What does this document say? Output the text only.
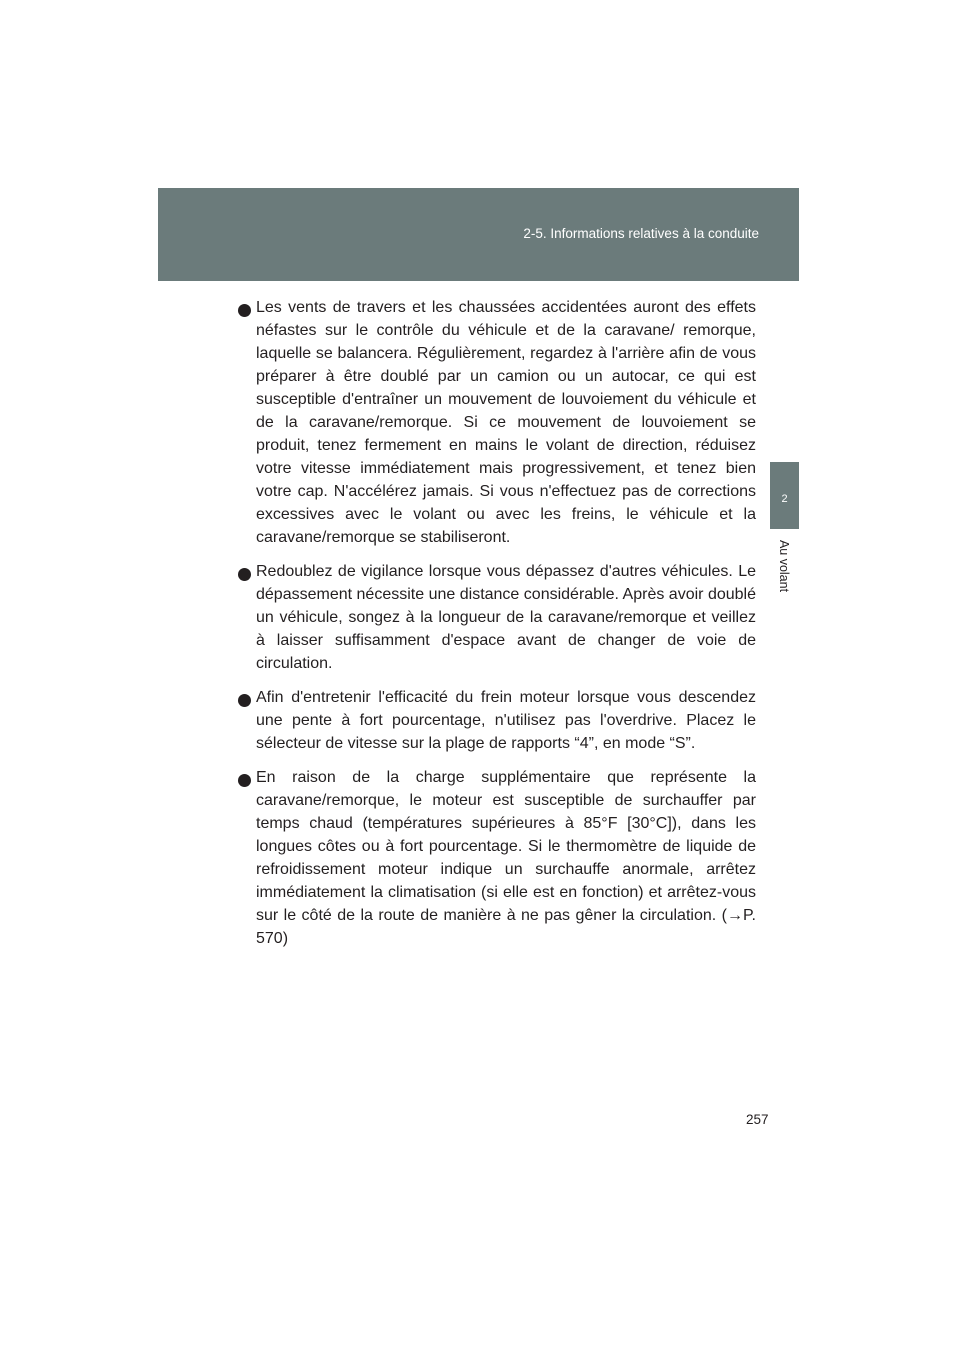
2-5. Informations relatives à la conduite
2
Au volant

Les vents de travers et les chaussées accidentées auront des effets néfastes sur le contrôle du véhicule et de la caravane/ remorque, laquelle se balancera. Régulièrement, regardez à l'arrière afin de vous préparer à être doublé par un camion ou un autocar, ce qui est susceptible d'entraîner un mouvement de louvoiement du véhicule et de la caravane/remorque. Si ce mouvement de louvoiement se produit, tenez fermement en mains le volant de direction, réduisez votre vitesse immédiatement mais progressivement, et tenez bien votre cap. N'accélérez jamais. Si vous n'effectuez pas de corrections excessives avec le volant ou avec les freins, le véhicule et la caravane/remorque se stabiliseront.

Redoublez de vigilance lorsque vous dépassez d'autres véhicules. Le dépassement nécessite une distance considérable. Après avoir doublé un véhicule, songez à la longueur de la caravane/remorque et veillez à laisser suffisamment d'espace avant de changer de voie de circulation.

Afin d'entretenir l'efficacité du frein moteur lorsque vous descendez une pente à fort pourcentage, n'utilisez pas l'overdrive. Placez le sélecteur de vitesse sur la plage de rapports “4”, en mode “S”.

En raison de la charge supplémentaire que représente la caravane/remorque, le moteur est susceptible de surchauffer par temps chaud (températures supérieures à 85°F [30°C]), dans les longues côtes ou à fort pourcentage. Si le thermomètre de liquide de refroidissement moteur indique un surchauffe anormale, arrêtez immédiatement la climatisation (si elle est en fonction) et arrêtez-vous sur le côté de la route de manière à ne pas gêner la circulation. (→P. 570)

257
